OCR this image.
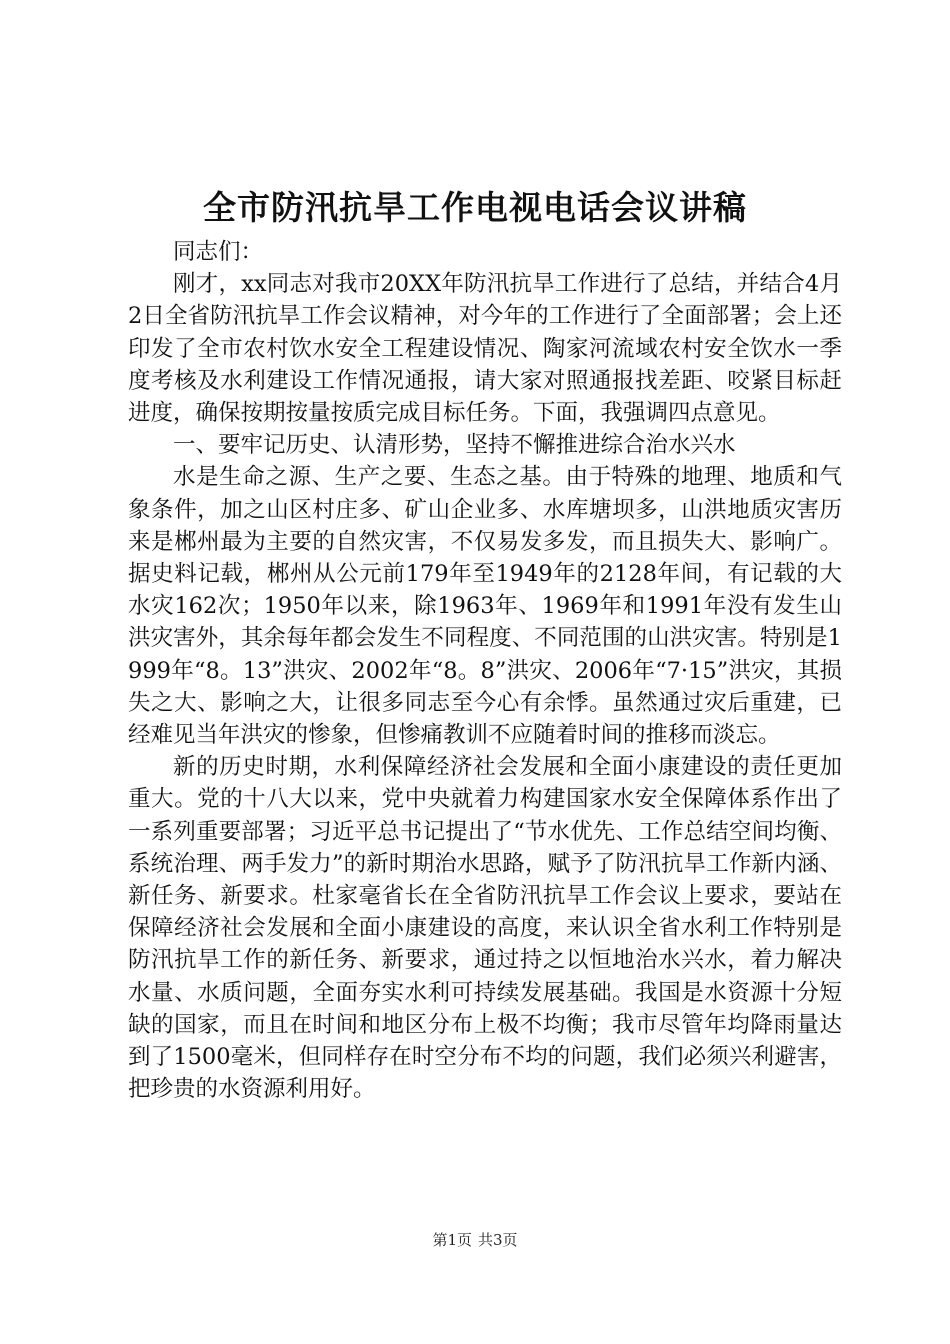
全市防汛抗旱工作电视电话会议讲稿

同志们：

刚才，xx同志对我市20XX年防汛抗旱工作进行了总结，并结合4月2日全省防汛抗旱工作会议精神，对今年的工作进行了全面部署；会上还印发了全市农村饮水安全工程建设情况、陶家河流域农村安全饮水一季度考核及水利建设工作情况通报，请大家对照通报找差距、咬紧目标赶进度，确保按期按量按质完成目标任务。下面，我强调四点意见。

一、要牢记历史、认清形势，坚持不懈推进综合治水兴水

水是生命之源、生产之要、生态之基。由于特殊的地理、地质和气象条件，加之山区村庄多、矿山企业多、水库塘坝多，山洪地质灾害历来是郴州最为主要的自然灾害，不仅易发多发，而且损失大、影响广。据史料记载，郴州从公元前179年至1949年的2128年间，有记载的大水灾162次；1950年以来，除1963年、1969年和1991年没有发生山洪灾害外，其余每年都会发生不同程度、不同范围的山洪灾害。特别是1999年“8。13”洪灾、2002年“8。8”洪灾、2006年“7·15”洪灾，其损失之大、影响之大，让很多同志至今心有余悸。虽然通过灾后重建，已经难见当年洪灾的惨象，但惨痛教训不应随着时间的推移而淡忘。

新的历史时期，水利保障经济社会发展和全面小康建设的责任更加重大。党的十八大以来，党中央就着力构建国家水安全保障体系作出了一系列重要部署；习近平总书记提出了“节水优先、工作总结空间均衡、系统治理、两手发力”的新时期治水思路，赋予了防汛抗旱工作新内涵、新任务、新要求。杜家毫省长在全省防汛抗旱工作会议上要求，要站在保障经济社会发展和全面小康建设的高度，来认识全省水利工作特别是防汛抗旱工作的新任务、新要求，通过持之以恒地治水兴水，着力解决水量、水质问题，全面夯实水利可持续发展基础。我国是水资源十分短缺的国家，而且在时间和地区分布上极不均衡；我市尽管年均降雨量达到了1500毫米，但同样存在时空分布不均的问题，我们必须兴利避害，把珍贵的水资源利用好。

第1页 共3页
